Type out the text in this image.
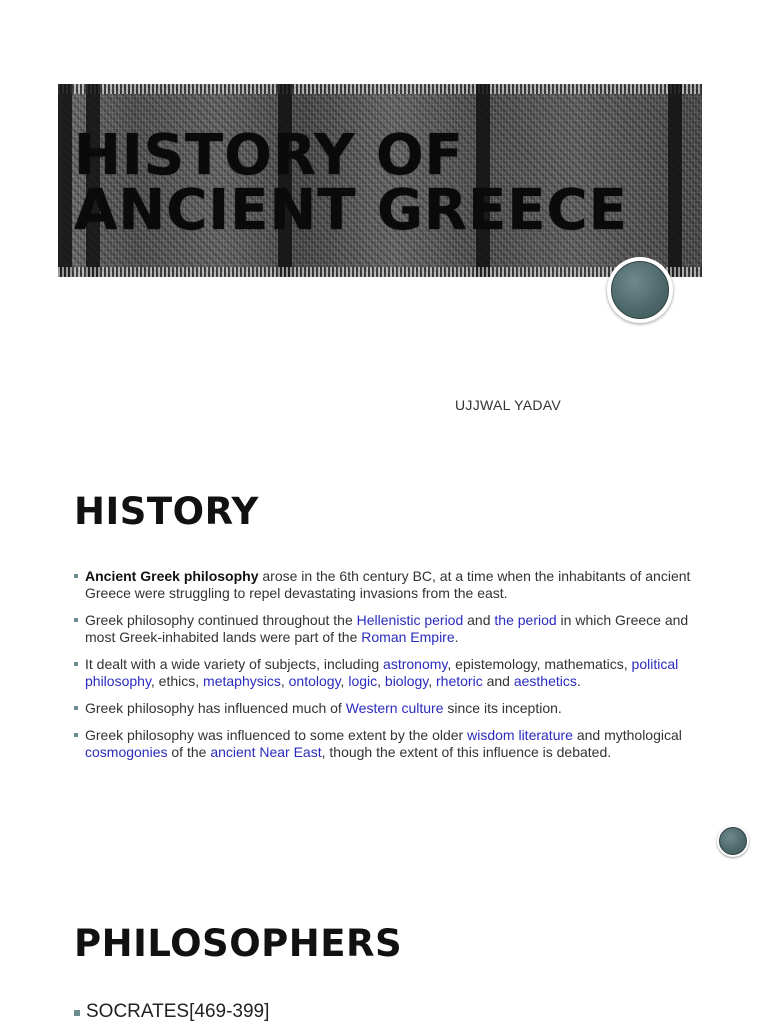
HISTORY OF
ANCIENT GREECE
UJJWAL YADAV
HISTORY
Ancient Greek philosophy arose in the 6th century BC, at a time when the inhabitants of ancient Greece were struggling to repel devastating invasions from the east.
Greek philosophy continued throughout the Hellenistic period and the period in which Greece and most Greek-inhabited lands were part of the Roman Empire.
It dealt with a wide variety of subjects, including astronomy, epistemology, mathematics, political philosophy, ethics, metaphysics, ontology, logic, biology, rhetoric and aesthetics.
Greek philosophy has influenced much of Western culture since its inception.
Greek philosophy was influenced to some extent by the older wisdom literature and mythological cosmogonies of the ancient Near East, though the extent of this influence is debated.
PHILOSOPHERS
SOCRATES[469-399]
